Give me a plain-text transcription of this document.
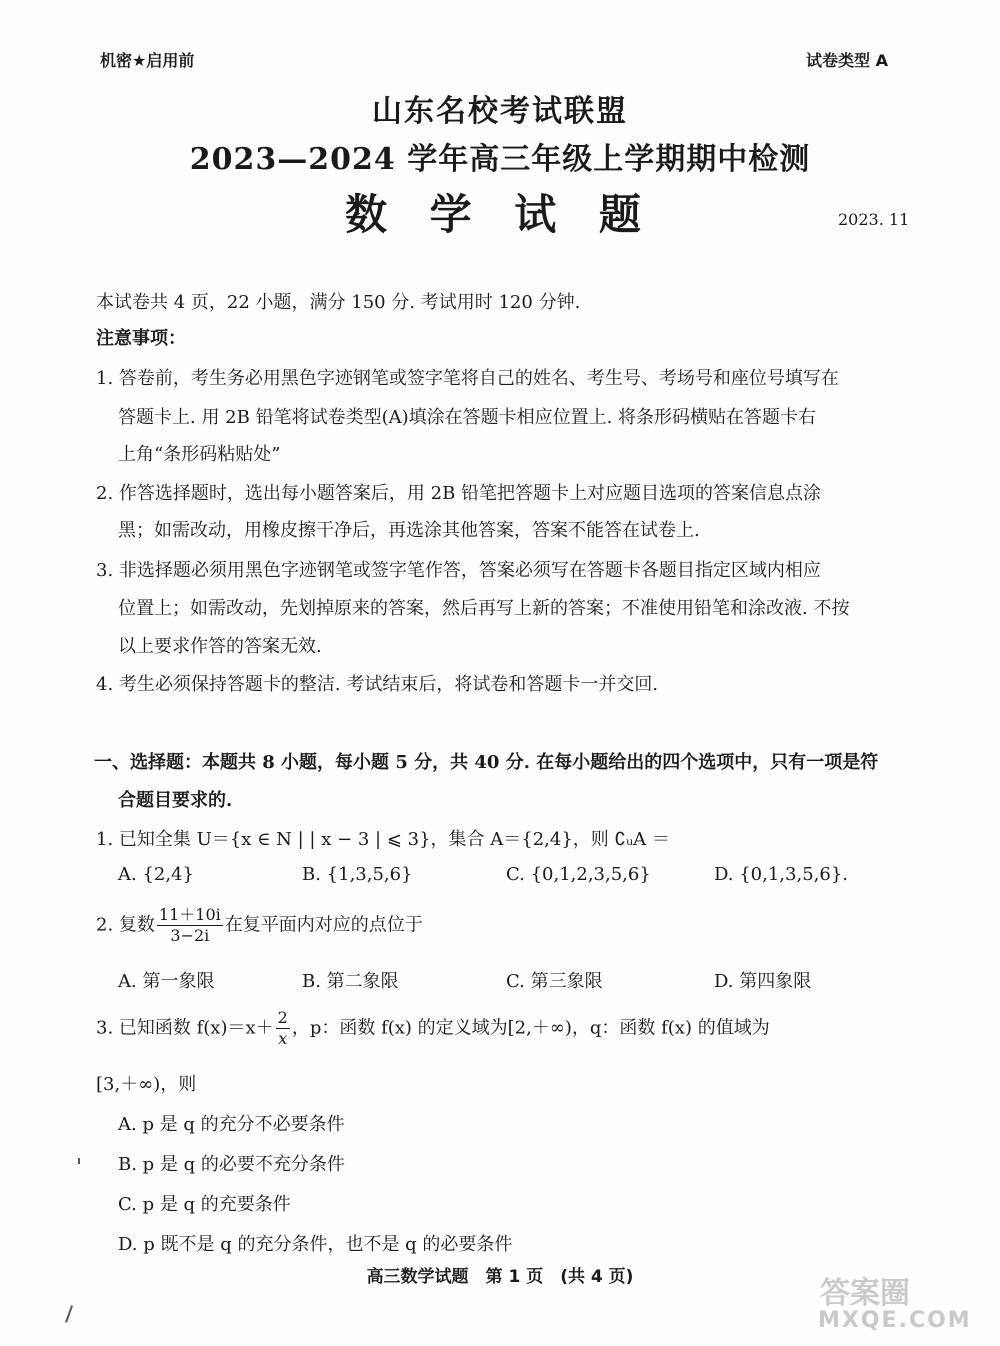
机密★启用前	试卷类型 A
山东名校考试联盟
2023—2024 学年高三年级上学期期中检测
数 学 试 题	2023. 11
本试卷共 4 页，22 小题，满分 150 分. 考试用时 120 分钟.
注意事项：
1. 答卷前，考生务必用黑色字迹钢笔或签字笔将自己的姓名、考生号、考场号和座位号填写在
答题卡上. 用 2B 铅笔将试卷类型(A)填涂在答题卡相应位置上. 将条形码横贴在答题卡右
上角“条形码粘贴处”
2. 作答选择题时，选出每小题答案后，用 2B 铅笔把答题卡上对应题目选项的答案信息点涂
黑；如需改动，用橡皮擦干净后，再选涂其他答案，答案不能答在试卷上.
3. 非选择题必须用黑色字迹钢笔或签字笔作答，答案必须写在答题卡各题目指定区域内相应
位置上；如需改动，先划掉原来的答案，然后再写上新的答案；不准使用铅笔和涂改液. 不按
以上要求作答的答案无效.
4. 考生必须保持答题卡的整洁. 考试结束后，将试卷和答题卡一并交回.
一、选择题：本题共 8 小题，每小题 5 分，共 40 分. 在每小题给出的四个选项中，只有一项是符
合题目要求的.
1. 已知全集 U＝{x ∈ N | | x − 3 | ⩽ 3}，集合 A＝{2,4}，则 ∁ᵤA ＝
A. {2,4}	B. {1,3,5,6}	C. {0,1,2,3,5,6}	D. {0,1,3,5,6}.
2. 复数 $\frac{11+10i}{3-2i}$ 在复平面内对应的点位于
A. 第一象限	B. 第二象限	C. 第三象限	D. 第四象限
3. 已知函数 $f(x)=x+ \frac{2}{x}$ ，p：函数 f(x) 的定义域为[2,＋∞)，q：函数 f(x) 的值域为
[3,＋∞)，则
A. p 是 q 的充分不必要条件
B. p 是 q 的必要不充分条件
C. p 是 q 的充要条件
D. p 既不是 q 的充分条件，也不是 q 的必要条件
高三数学试题　第 1 页　(共 4 页)	答案圈
MXQE.COM
